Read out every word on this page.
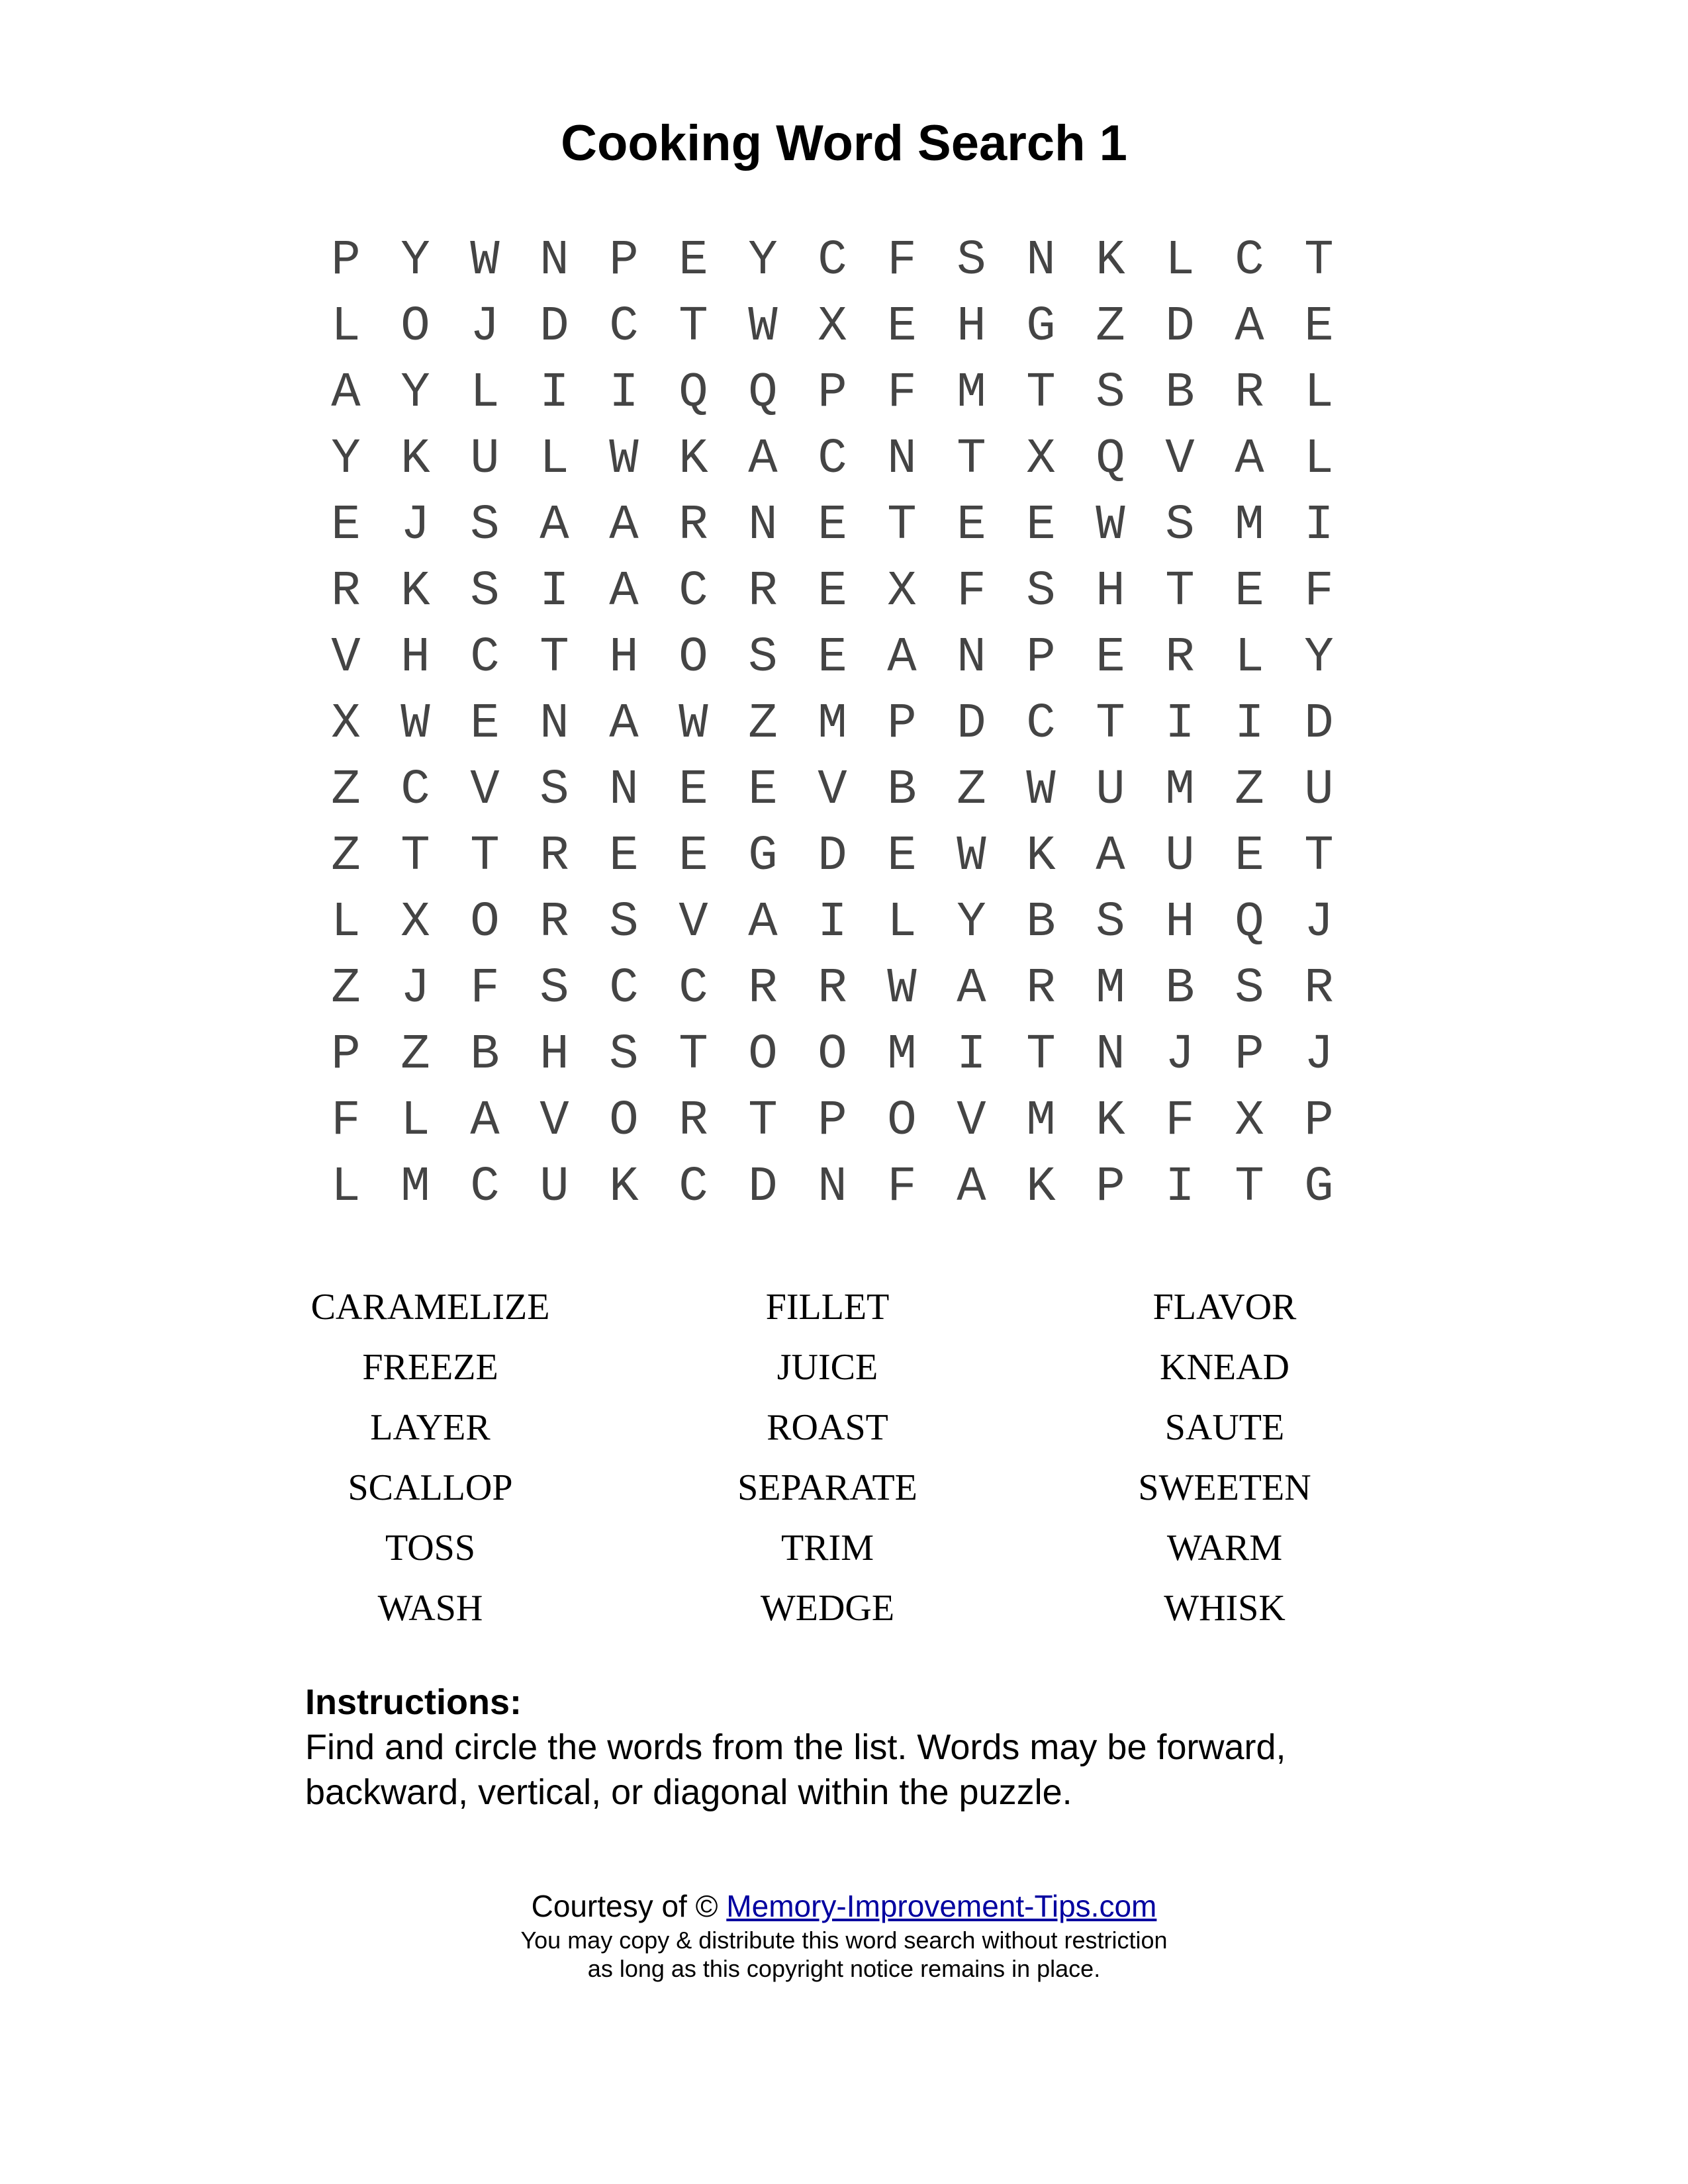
Cooking Word Search 1
P Y W N P E Y C F S N K L C T
L O J D C T W X E H G Z D A E
A Y L I I Q Q P F M T S B R L
Y K U L W K A C N T X Q V A L
E J S A A R N E T E E W S M I
R K S I A C R E X F S H T E F
V H C T H O S E A N P E R L Y
X W E N A W Z M P D C T I I D
Z C V S N E E V B Z W U M Z U
Z T T R E E G D E W K A U E T
L X O R S V A I L Y B S H Q J
Z J F S C C R R W A R M B S R
P Z B H S T O O M I T N J P J
F L A V O R T P O V M K F X P
L M C U K C D N F A K P I T G
CARAMELIZE	FILLET	FLAVOR
FREEZE	JUICE	KNEAD
LAYER	ROAST	SAUTE
SCALLOP	SEPARATE	SWEETEN
TOSS	TRIM	WARM
WASH	WEDGE	WHISK
Instructions:
Find and circle the words from the list. Words may be forward, backward, vertical, or diagonal within the puzzle.
Courtesy of © Memory-Improvement-Tips.com
You may copy & distribute this word search without restriction
as long as this copyright notice remains in place.
